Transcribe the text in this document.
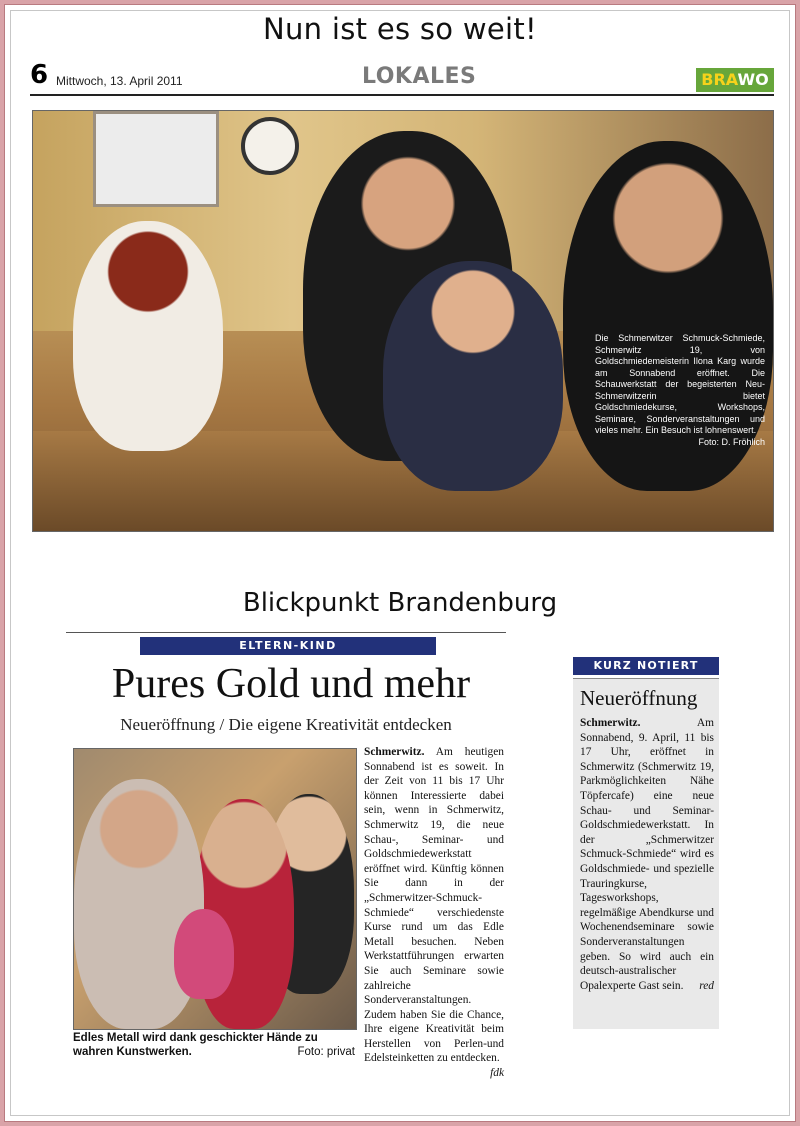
Nun ist es so weit!
6 Mittwoch, 13. April 2011	LOKALES	BRAWO
Die Schmerwitzer Schmuck-Schmiede, Schmerwitz 19, von Goldschmiedemeisterin Ilona Karg wurde am Sonnabend eröffnet. Die Schauwerkstatt der begeisterten Neu-Schmerwitzerin bietet Goldschmiedekurse, Workshops, Seminare, Sonderveranstaltungen und vieles mehr. Ein Besuch ist lohnenswert.
Foto: D. Fröhlich
Blickpunkt Brandenburg
ELTERN-KIND
Pures Gold und mehr
Neueröffnung / Die eigene Kreativität entdecken
Edles Metall wird dank geschickter Hände zu wahren Kunstwerken.	Foto: privat
Schmerwitz. Am heutigen Sonnabend ist es soweit. In der Zeit von 11 bis 17 Uhr können Interessierte dabei sein, wenn in Schmerwitz, Schmerwitz 19, die neue Schau-, Seminar- und Goldschmiedewerkstatt eröffnet wird. Künftig können Sie dann in der „Schmerwitzer-Schmuck-Schmiede“ verschiedenste Kurse rund um das Edle Metall besuchen. Neben Werkstattführungen erwarten Sie auch Seminare sowie zahlreiche Sonderveranstaltungen. Zudem haben Sie die Chance, Ihre eigene Kreativität beim Herstellen von Perlen-und Edelsteinketten zu entdecken.
fdk
KURZ NOTIERT
Neueröffnung
Schmerwitz.	Am Sonnabend, 9. April, 11 bis 17 Uhr, eröffnet in Schmerwitz (Schmerwitz 19, Parkmöglichkeiten Nähe Töpfercafe) eine neue Schau- und Seminar-Goldschmiedewerkstatt. In der „Schmerwitzer Schmuck-Schmiede“ wird es Goldschmiede- und spezielle Trauringkurse, Tagesworkshops, regelmäßige Abendkurse und Wochenendseminare sowie Sonderveranstaltungen geben. So wird auch ein deutsch-australischer Opalexperte Gast sein. red
